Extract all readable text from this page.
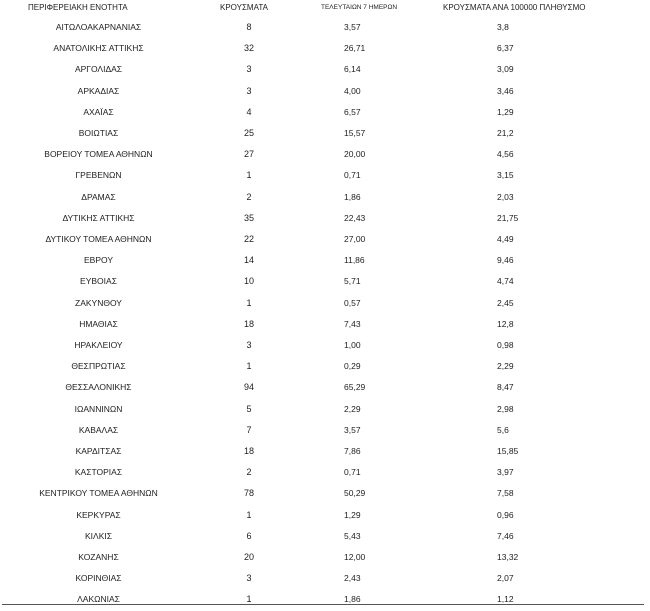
ΠΕΡΙΦΕΡΕΙΑΚΗ ΕΝΟΤΗΤΑ	ΚΡΟΥΣΜΑΤΑ	ΤΕΛΕΥΤΑΙΩΝ 7 ΗΜΕΡΩΝ	ΚΡΟΥΣΜΑΤΑ ΑΝΑ 100000 ΠΛΗΘΥΣΜΟ
ΑΙΤΩΛΟΑΚΑΡΝΑΝΙΑΣ	8	3,57	3,8
ΑΝΑΤΟΛΙΚΗΣ ΑΤΤΙΚΗΣ	32	26,71	6,37
ΑΡΓΟΛΙΔΑΣ	3	6,14	3,09
ΑΡΚΑΔΙΑΣ	3	4,00	3,46
ΑΧΑΪΑΣ	4	6,57	1,29
ΒΟΙΩΤΙΑΣ	25	15,57	21,2
ΒΟΡΕΙΟΥ ΤΟΜΕΑ ΑΘΗΝΩΝ	27	20,00	4,56
ΓΡΕΒΕΝΩΝ	1	0,71	3,15
ΔΡΑΜΑΣ	2	1,86	2,03
ΔΥΤΙΚΗΣ ΑΤΤΙΚΗΣ	35	22,43	21,75
ΔΥΤΙΚΟΥ ΤΟΜΕΑ ΑΘΗΝΩΝ	22	27,00	4,49
ΕΒΡΟΥ	14	11,86	9,46
ΕΥΒΟΙΑΣ	10	5,71	4,74
ΖΑΚΥΝΘΟΥ	1	0,57	2,45
ΗΜΑΘΙΑΣ	18	7,43	12,8
ΗΡΑΚΛΕΙΟΥ	3	1,00	0,98
ΘΕΣΠΡΩΤΙΑΣ	1	0,29	2,29
ΘΕΣΣΑΛΟΝΙΚΗΣ	94	65,29	8,47
ΙΩΑΝΝΙΝΩΝ	5	2,29	2,98
ΚΑΒΑΛΑΣ	7	3,57	5,6
ΚΑΡΔΙΤΣΑΣ	18	7,86	15,85
ΚΑΣΤΟΡΙΑΣ	2	0,71	3,97
ΚΕΝΤΡΙΚΟΥ ΤΟΜΕΑ ΑΘΗΝΩΝ	78	50,29	7,58
ΚΕΡΚΥΡΑΣ	1	1,29	0,96
ΚΙΛΚΙΣ	6	5,43	7,46
ΚΟΖΑΝΗΣ	20	12,00	13,32
ΚΟΡΙΝΘΙΑΣ	3	2,43	2,07
ΛΑΚΩΝΙΑΣ	1	1,86	1,12
